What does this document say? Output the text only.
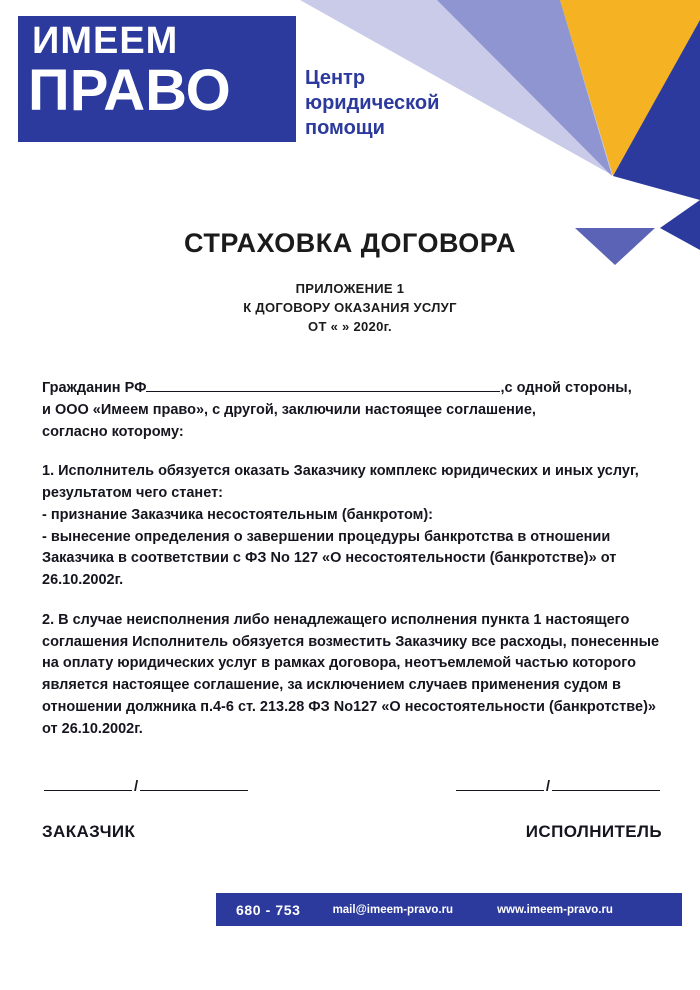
ИМЕЕМ
ПРАВО	Центр
юридической
помощи
СТРАХОВКА ДОГОВОРА
ПРИЛОЖЕНИЕ 1
К ДОГОВОРУ ОКАЗАНИЯ УСЛУГ
ОТ « » 2020г.
Гражданин РФ	,с одной стороны,
и ООО «Имеем право», с другой, заключили настоящее соглашение,
согласно которому:
1. Исполнитель обязуется оказать Заказчику комплекс юридических и иных услуг, результатом чего станет:
- признание Заказчика несостоятельным (банкротом):
- вынесение определения о завершении процедуры банкротства в отношении Заказчика в соответствии с ФЗ No 127 «О несостоятельности (банкротстве)» от 26.10.2002г.
2. В случае неисполнения либо ненадлежащего исполнения пункта 1 настоящего соглашения Исполнитель обязуется возместить Заказчику все расходы, понесенные на оплату юридических услуг в рамках договора, неотъемлемой частью которого является настоящее соглашение, за исключением случаев применения судом в отношении должника п.4-6 ст. 213.28 ФЗ No127 «О несостоятельности (банкротстве)» от 26.10.2002г.
/	/
ЗАКАЗЧИК	ИСПОЛНИТЕЛЬ
680 - 753	mail@imeem-pravo.ru	www.imeem-pravo.ru
